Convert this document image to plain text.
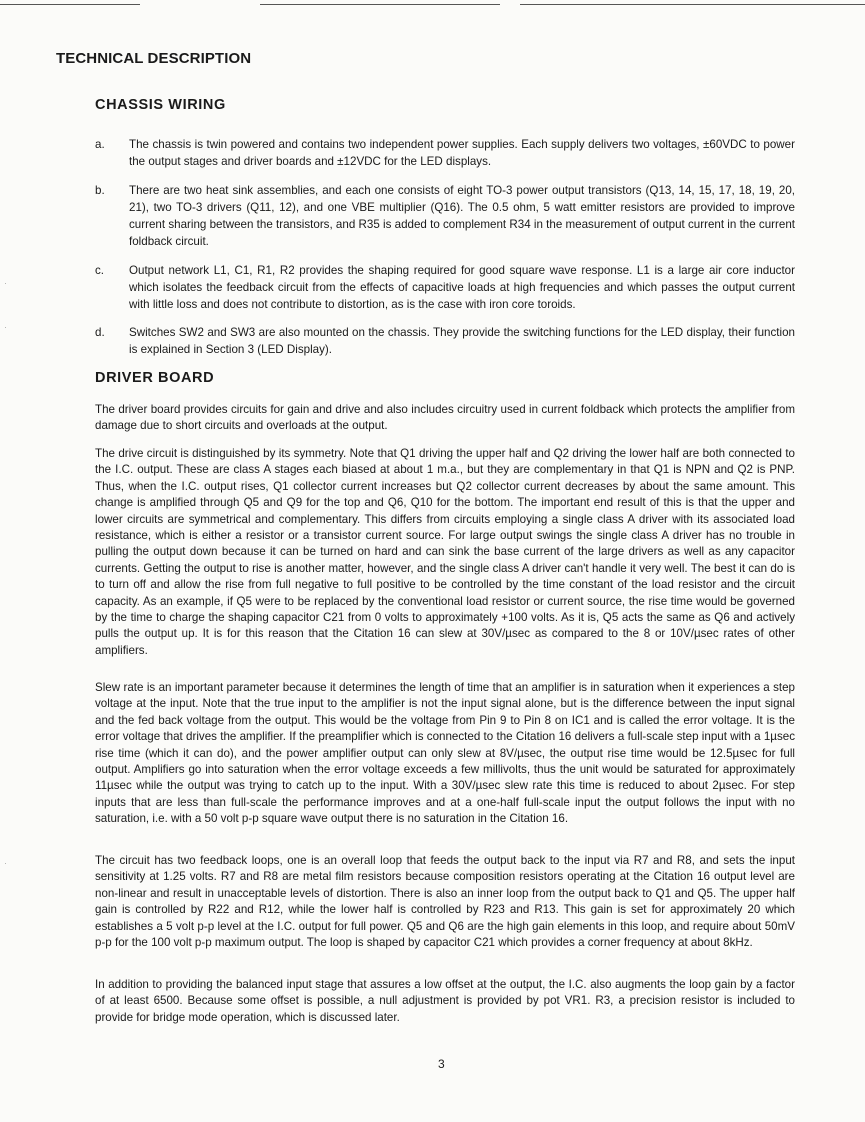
TECHNICAL DESCRIPTION
CHASSIS WIRING
a. The chassis is twin powered and contains two independent power supplies. Each supply delivers two voltages, ±60VDC to power the output stages and driver boards and ±12VDC for the LED displays.
b. There are two heat sink assemblies, and each one consists of eight TO-3 power output transistors (Q13, 14, 15, 17, 18, 19, 20, 21), two TO-3 drivers (Q11, 12), and one VBE multiplier (Q16). The 0.5 ohm, 5 watt emitter resistors are provided to improve current sharing between the transistors, and R35 is added to complement R34 in the measurement of output current in the current foldback circuit.
c. Output network L1, C1, R1, R2 provides the shaping required for good square wave response. L1 is a large air core inductor which isolates the feedback circuit from the effects of capacitive loads at high frequencies and which passes the output current with little loss and does not contribute to distortion, as is the case with iron core toroids.
d. Switches SW2 and SW3 are also mounted on the chassis. They provide the switching functions for the LED display, their function is explained in Section 3 (LED Display).
DRIVER BOARD

The driver board provides circuits for gain and drive and also includes circuitry used in current foldback which protects the amplifier from damage due to short circuits and overloads at the output.

The drive circuit is distinguished by its symmetry. Note that Q1 driving the upper half and Q2 driving the lower half are both connected to the I.C. output. These are class A stages each biased at about 1 m.a., but they are complementary in that Q1 is NPN and Q2 is PNP. Thus, when the I.C. output rises, Q1 collector current increases but Q2 collector current decreases by about the same amount. This change is amplified through Q5 and Q9 for the top and Q6, Q10 for the bottom. The important end result of this is that the upper and lower circuits are symmetrical and complementary. This differs from circuits employing a single class A driver with its associated load resistance, which is either a resistor or a transistor current source. For large output swings the single class A driver has no trouble in pulling the output down because it can be turned on hard and can sink the base current of the large drivers as well as any capacitor currents. Getting the output to rise is another matter, however, and the single class A driver can't handle it very well. The best it can do is to turn off and allow the rise from full negative to full positive to be controlled by the time constant of the load resistor and the circuit capacity. As an example, if Q5 were to be replaced by the conventional load resistor or current source, the rise time would be governed by the time to charge the shaping capacitor C21 from 0 volts to approximately +100 volts. As it is, Q5 acts the same as Q6 and actively pulls the output up. It is for this reason that the Citation 16 can slew at 30V/µsec as compared to the 8 or 10V/µsec rates of other amplifiers.

Slew rate is an important parameter because it determines the length of time that an amplifier is in saturation when it experiences a step voltage at the input. Note that the true input to the amplifier is not the input signal alone, but is the difference between the input signal and the fed back voltage from the output. This would be the voltage from Pin 9 to Pin 8 on IC1 and is called the error voltage. It is the error voltage that drives the amplifier. If the preamplifier which is connected to the Citation 16 delivers a full-scale step input with a 1µsec rise time (which it can do), and the power amplifier output can only slew at 8V/µsec, the output rise time would be 12.5µsec for full output. Amplifiers go into saturation when the error voltage exceeds a few millivolts, thus the unit would be saturated for approximately 11µsec while the output was trying to catch up to the input. With a 30V/µsec slew rate this time is reduced to about 2µsec. For step inputs that are less than full-scale the performance improves and at a one-half full-scale input the output follows the input with no saturation, i.e. with a 50 volt p-p square wave output there is no saturation in the Citation 16.

The circuit has two feedback loops, one is an overall loop that feeds the output back to the input via R7 and R8, and sets the input sensitivity at 1.25 volts. R7 and R8 are metal film resistors because composition resistors operating at the Citation 16 output level are non-linear and result in unacceptable levels of distortion. There is also an inner loop from the output back to Q1 and Q5. The upper half gain is controlled by R22 and R12, while the lower half is controlled by R23 and R13. This gain is set for approximately 20 which establishes a 5 volt p-p level at the I.C. output for full power. Q5 and Q6 are the high gain elements in this loop, and require about 50mV p-p for the 100 volt p-p maximum output. The loop is shaped by capacitor C21 which provides a corner frequency at about 8kHz.

In addition to providing the balanced input stage that assures a low offset at the output, the I.C. also augments the loop gain by a factor of at least 6500. Because some offset is possible, a null adjustment is provided by pot VR1. R3, a precision resistor is included to provide for bridge mode operation, which is discussed later.

3
·
·
·
